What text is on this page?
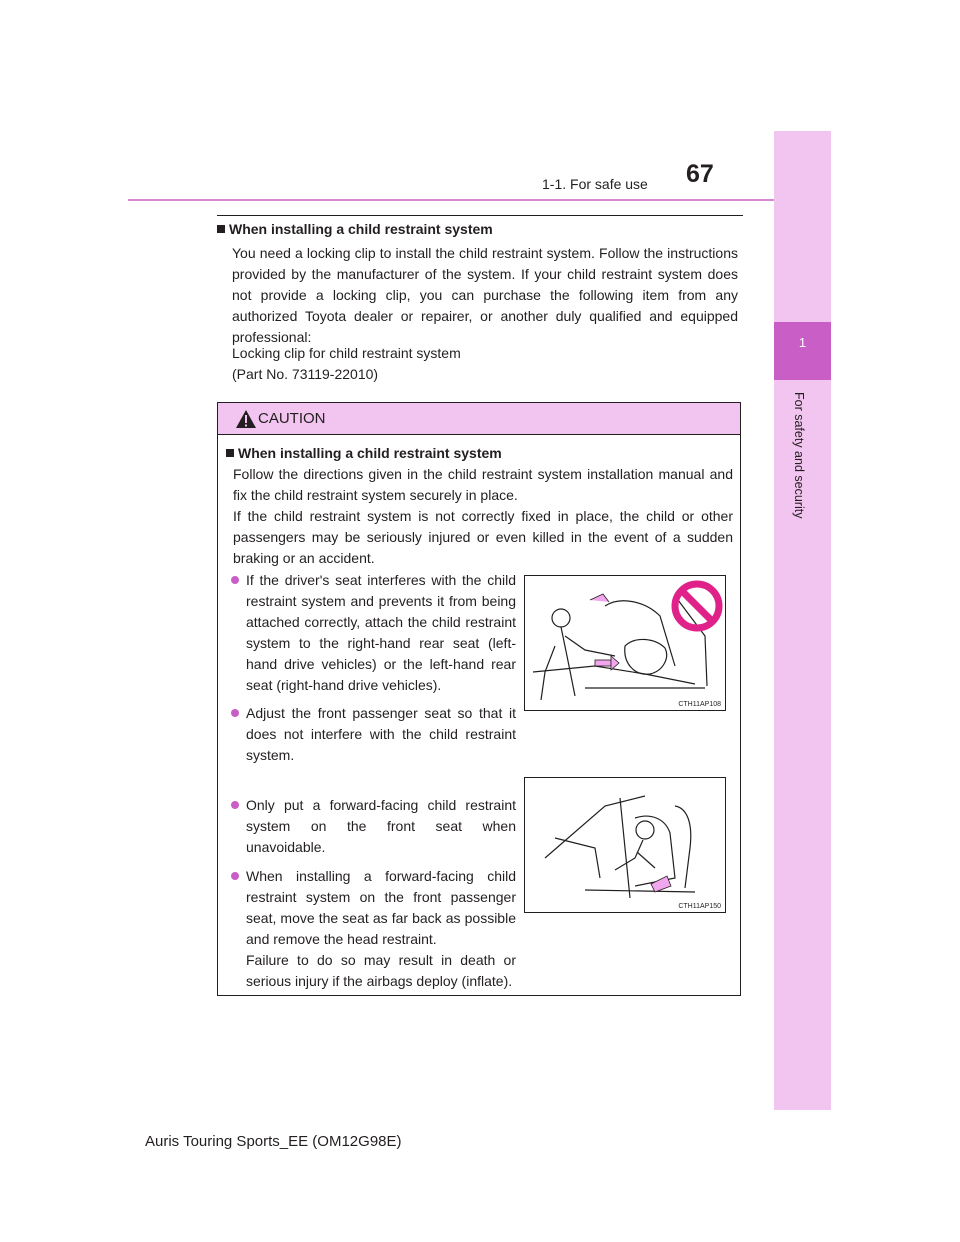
1-1. For safe use 67
1
For safety and security
When installing a child restraint system

You need a locking clip to install the child restraint system. Follow the instructions provided by the manufacturer of the system. If your child restraint system does not provide a locking clip, you can purchase the following item from any authorized Toyota dealer or repairer, or another duly qualified and equipped professional:

Locking clip for child restraint system
(Part No. 73119-22010)

CAUTION
When installing a child restraint system
Follow the directions given in the child restraint system installation manual and fix the child restraint system securely in place.
If the child restraint system is not correctly fixed in place, the child or other passengers may be seriously injured or even killed in the event of a sudden braking or an accident.
If the driver's seat interferes with the child restraint system and prevents it from being attached correctly, attach the child restraint system to the right-hand rear seat (left-hand drive vehicles) or the left-hand rear seat (right-hand drive vehicles).
Adjust the front passenger seat so that it does not interfere with the child restraint system.
Only put a forward-facing child restraint system on the front seat when unavoidable.
When installing a forward-facing child restraint system on the front passenger seat, move the seat as far back as possible and remove the head restraint.
Failure to do so may result in death or serious injury if the airbags deploy (inflate).
CTH11AP108
CTH11AP150
Auris Touring Sports_EE (OM12G98E)
